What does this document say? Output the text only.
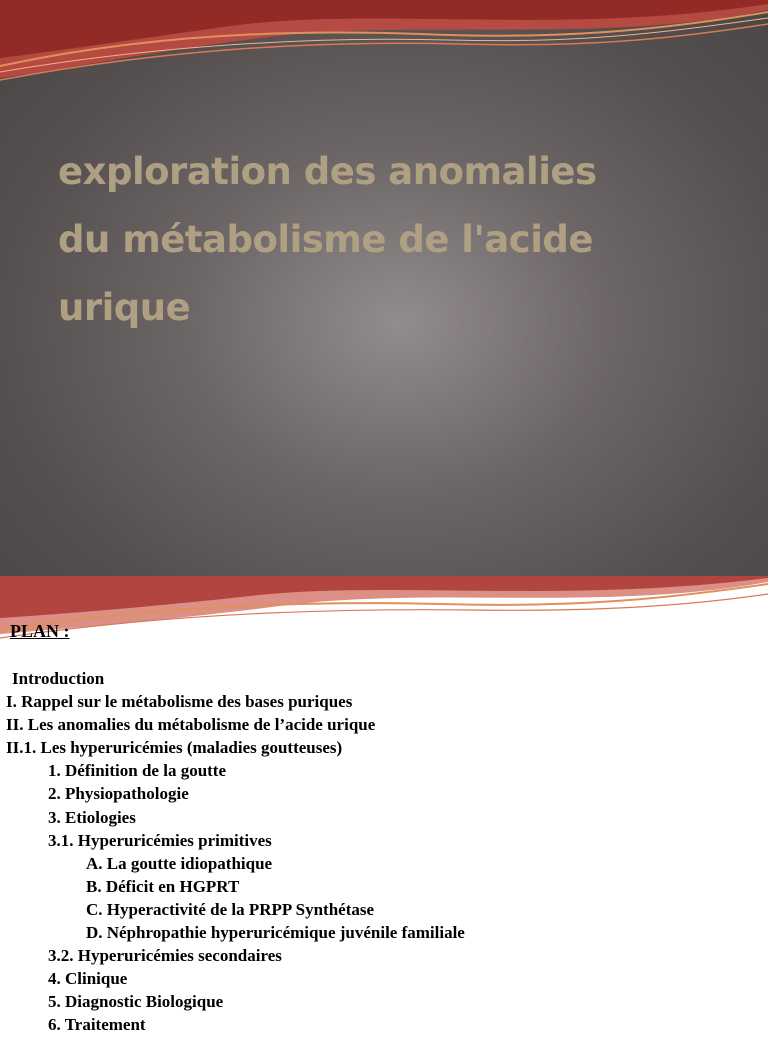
exploration des anomalies
du métabolisme de l'acide
urique
PLAN :
Introduction
I. Rappel sur le métabolisme des bases puriques
II. Les anomalies du métabolisme de l’acide urique
II.1. Les hyperuricémies (maladies goutteuses)
1. Définition de la goutte
2. Physiopathologie
3. Etiologies
3.1. Hyperuricémies primitives
A. La goutte idiopathique
B. Déficit en HGPRT
C. Hyperactivité de la PRPP Synthétase
D. Néphropathie hyperuricémique juvénile familiale
3.2. Hyperuricémies secondaires
4. Clinique
5. Diagnostic Biologique
6. Traitement
